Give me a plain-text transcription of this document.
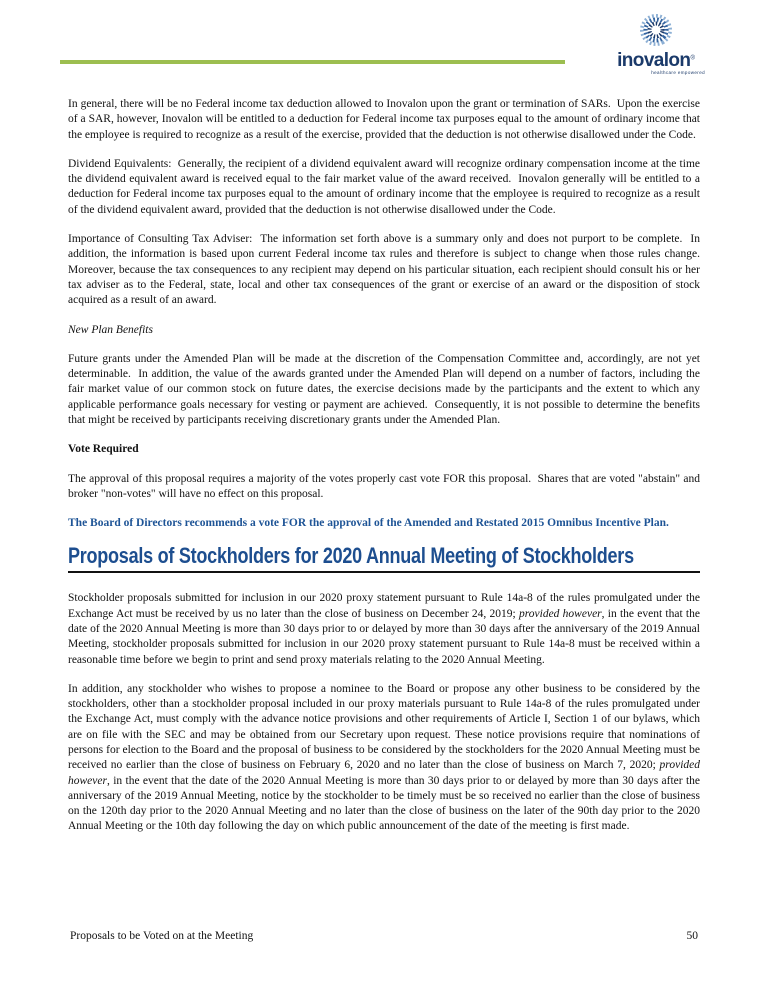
inovalon®
healthcare empowered

In general, there will be no Federal income tax deduction allowed to Inovalon upon the grant or termination of SARs.  Upon the exercise of a SAR, however, Inovalon will be entitled to a deduction for Federal income tax purposes equal to the amount of ordinary income that the employee is required to recognize as a result of the exercise, provided that the deduction is not otherwise disallowed under the Code.

Dividend Equivalents:  Generally, the recipient of a dividend equivalent award will recognize ordinary compensation income at the time the dividend equivalent award is received equal to the fair market value of the award received.  Inovalon generally will be entitled to a deduction for Federal income tax purposes equal to the amount of ordinary income that the employee is required to recognize as a result of the dividend equivalent award, provided that the deduction is not otherwise disallowed under the Code.

Importance of Consulting Tax Adviser:  The information set forth above is a summary only and does not purport to be complete.  In addition, the information is based upon current Federal income tax rules and therefore is subject to change when those rules change.  Moreover, because the tax consequences to any recipient may depend on his particular situation, each recipient should consult his or her tax adviser as to the Federal, state, local and other tax consequences of the grant or exercise of an award or the disposition of stock acquired as a result of an award.

New Plan Benefits

Future grants under the Amended Plan will be made at the discretion of the Compensation Committee and, accordingly, are not yet determinable.  In addition, the value of the awards granted under the Amended Plan will depend on a number of factors, including the fair market value of our common stock on future dates, the exercise decisions made by the participants and the extent to which any applicable performance goals necessary for vesting or payment are achieved.  Consequently, it is not possible to determine the benefits that might be received by participants receiving discretionary grants under the Amended Plan.

Vote Required

The approval of this proposal requires a majority of the votes properly cast vote FOR this proposal.  Shares that are voted "abstain" and broker "non-votes" will have no effect on this proposal.

The Board of Directors recommends a vote FOR the approval of the Amended and Restated 2015 Omnibus Incentive Plan.

Proposals of Stockholders for 2020 Annual Meeting of Stockholders

Stockholder proposals submitted for inclusion in our 2020 proxy statement pursuant to Rule 14a-8 of the rules promulgated under the Exchange Act must be received by us no later than the close of business on December 24, 2019; provided however, in the event that the date of the 2020 Annual Meeting is more than 30 days prior to or delayed by more than 30 days after the anniversary of the 2019 Annual Meeting, stockholder proposals submitted for inclusion in our 2020 proxy statement pursuant to Rule 14a-8 must be received within a reasonable time before we begin to print and send proxy materials relating to the 2020 Annual Meeting.

In addition, any stockholder who wishes to propose a nominee to the Board or propose any other business to be considered by the stockholders, other than a stockholder proposal included in our proxy materials pursuant to Rule 14a-8 of the rules promulgated under the Exchange Act, must comply with the advance notice provisions and other requirements of Article I, Section 1 of our bylaws, which are on file with the SEC and may be obtained from our Secretary upon request. These notice provisions require that nominations of persons for election to the Board and the proposal of business to be considered by the stockholders for the 2020 Annual Meeting must be received no earlier than the close of business on February 6, 2020 and no later than the close of business on March 7, 2020; provided however, in the event that the date of the 2020 Annual Meeting is more than 30 days prior to or delayed by more than 30 days after the anniversary of the 2019 Annual Meeting, notice by the stockholder to be timely must be so received no earlier than the close of business on the 120th day prior to the 2020 Annual Meeting and no later than the close of business on the later of the 90th day prior to the 2020 Annual Meeting or the 10th day following the day on which public announcement of the date of the meeting is first made.

Proposals to be Voted on at the Meeting	50
